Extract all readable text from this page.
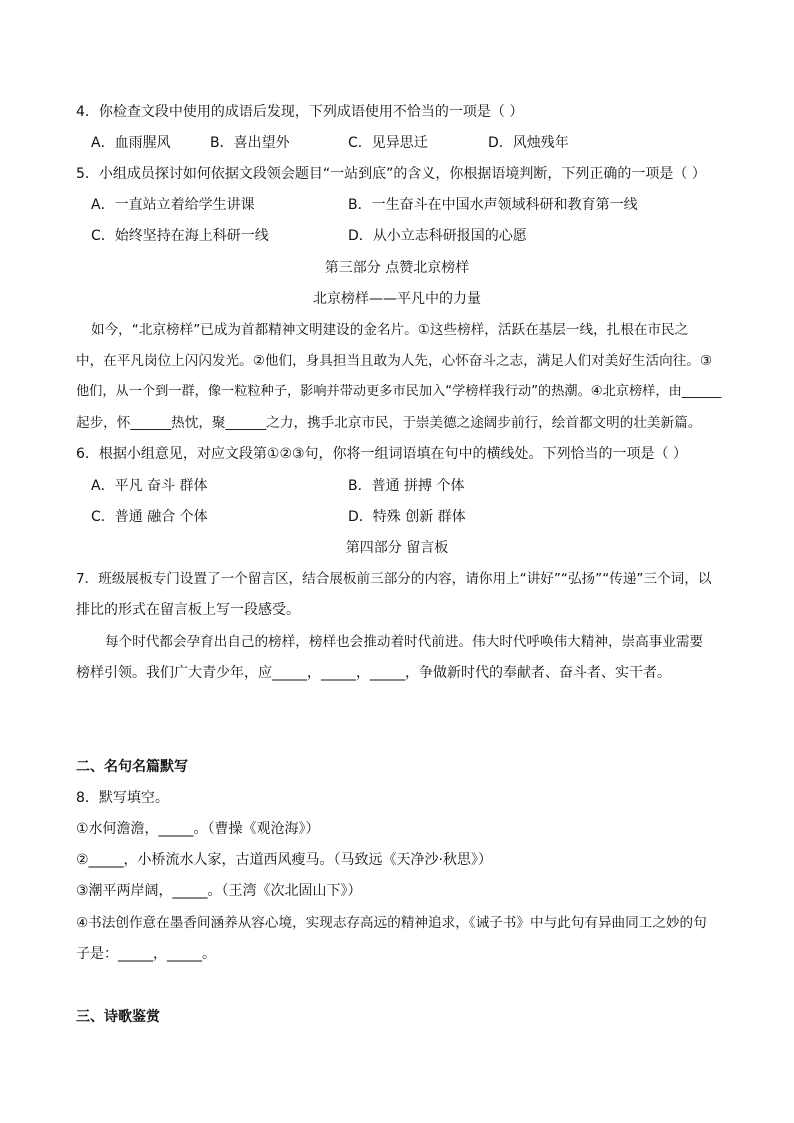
4．你检查文段中使用的成语后发现，下列成语使用不恰当的一项是（ ）
A．血雨腥风	B．喜出望外	C．见异思迁	D．风烛残年
5．小组成员探讨如何依据文段领会题目“一站到底”的含义，你根据语境判断，下列正确的一项是（ ）
A．一直站立着给学生讲课	B．一生奋斗在中国水声领域科研和教育第一线
C．始终坚持在海上科研一线	D．从小立志科研报国的心愿
第三部分 点赞北京榜样
北京榜样——平凡中的力量
如今，“北京榜样”已成为首都精神文明建设的金名片。①这些榜样，活跃在基层一线，扎根在市民之
中，在平凡岗位上闪闪发光。②他们，身具担当且敢为人先，心怀奋斗之志，满足人们对美好生活向往。③
他们，从一个到一群，像一粒粒种子，影响并带动更多市民加入“学榜样我行动”的热潮。④北京榜样，由______
起步，怀______热忱，聚______之力，携手北京市民，于崇美德之途阔步前行，绘首都文明的壮美新篇。
6．根据小组意见，对应文段第①②③句，你将一组词语填在句中的横线处。下列恰当的一项是（ ）
A．平凡 奋斗 群体	B．普通 拼搏 个体
C．普通 融合 个体	D．特殊 创新 群体
第四部分 留言板
7．班级展板专门设置了一个留言区，结合展板前三部分的内容，请你用上“讲好”“弘扬”“传递”三个词，以
排比的形式在留言板上写一段感受。
每个时代都会孕育出自己的榜样，榜样也会推动着时代前进。伟大时代呼唤伟大精神，崇高事业需要
榜样引领。我们广大青少年，应_____，_____，_____，争做新时代的奉献者、奋斗者、实干者。
二、名句名篇默写
8．默写填空。
①水何澹澹，_____。（曹操《观沧海》）
②_____，小桥流水人家，古道西风瘦马。（马致远《天净沙·秋思》）
③潮平两岸阔，_____。（王湾《次北固山下》）
④书法创作意在墨香间涵养从容心境，实现志存高远的精神追求，《诫子书》中与此句有异曲同工之妙的句
子是：_____，_____。
三、诗歌鉴赏
